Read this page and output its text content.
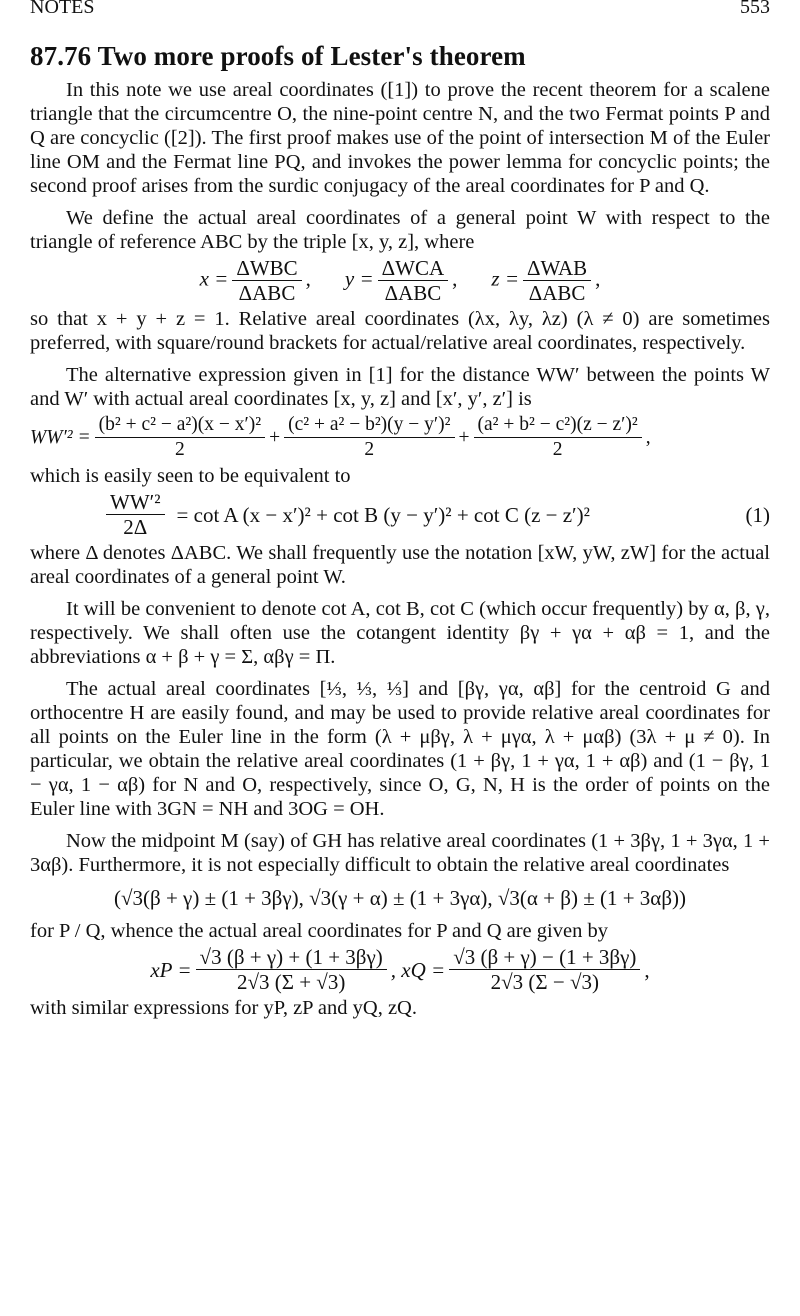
NOTES	553
87.76 Two more proofs of Lester's theorem

In this note we use areal coordinates ([1]) to prove the recent theorem for a scalene triangle that the circumcentre O, the nine-point centre N, and the two Fermat points P and Q are concyclic ([2]). The first proof makes use of the point of intersection M of the Euler line OM and the Fermat line PQ, and invokes the power lemma for concyclic points; the second proof arises from the surdic conjugacy of the areal coordinates for P and Q.

We define the actual areal coordinates of a general point W with respect to the triangle of reference ABC by the triple [x, y, z], where

$x = \frac{\text{ΔWBC}}{\text{ΔABC}}$ , $y = \frac{\text{ΔWCA}}{\text{ΔABC}}$ , $z = \frac{\text{ΔWAB}}{\text{ΔABC}}$ ,

so that x + y + z = 1. Relative areal coordinates (λx, λy, λz) (λ ≠ 0) are sometimes preferred, with square/round brackets for actual/relative areal coordinates, respectively.

The alternative expression given in [1] for the distance WW′ between the points W and W′ with actual areal coordinates [x, y, z] and [x′, y′, z′] is

$WW'^2 = \frac{\text{(b² + c² − a²)(x − x′)²}}{2} + \frac{\text{(c² + a² − b²)(y − y′)²}}{2} + \frac{\text{(a² + b² − c²)(z − z′)²}}{2}$ ,

which is easily seen to be equivalent to

$\frac{\text{WW′²}}{2\Delta} = \cot A$ (x − x′)² + cot B (y − y′)² + cot C (z − z′)²	(1)

where Δ denotes ΔABC. We shall frequently use the notation [xW, yW, zW] for the actual areal coordinates of a general point W.

It will be convenient to denote cot A, cot B, cot C (which occur frequently) by α, β, γ, respectively. We shall often use the cotangent identity βγ + γα + αβ = 1, and the abbreviations α + β + γ = Σ, αβγ = Π.

The actual areal coordinates [⅓, ⅓, ⅓] and [βγ, γα, αβ] for the centroid G and orthocentre H are easily found, and may be used to provide relative areal coordinates for all points on the Euler line in the form (λ + μβγ, λ + μγα, λ + μαβ) (3λ + μ ≠ 0). In particular, we obtain the relative areal coordinates (1 + βγ, 1 + γα, 1 + αβ) and (1 − βγ, 1 − γα, 1 − αβ) for N and O, respectively, since O, G, N, H is the order of points on the Euler line with 3GN = NH and 3OG = OH.

Now the midpoint M (say) of GH has relative areal coordinates (1 + 3βγ, 1 + 3γα, 1 + 3αβ). Furthermore, it is not especially difficult to obtain the relative areal coordinates

(√3(β + γ) ± (1 + 3βγ), √3(γ + α) ± (1 + 3γα), √3(α + β) ± (1 + 3αβ))

for P / Q, whence the actual areal coordinates for P and Q are given by

xP = $\frac{√3 (\beta + \gamma) + (1 + 3\beta\gamma)}{2√3 (\Sigma + √3)}$ , xQ = $\frac{√3 (\beta + \gamma) - (1 + 3\beta\gamma)}{2√3 (\Sigma - √3)}$ ,

with similar expressions for yP, zP and yQ, zQ.
